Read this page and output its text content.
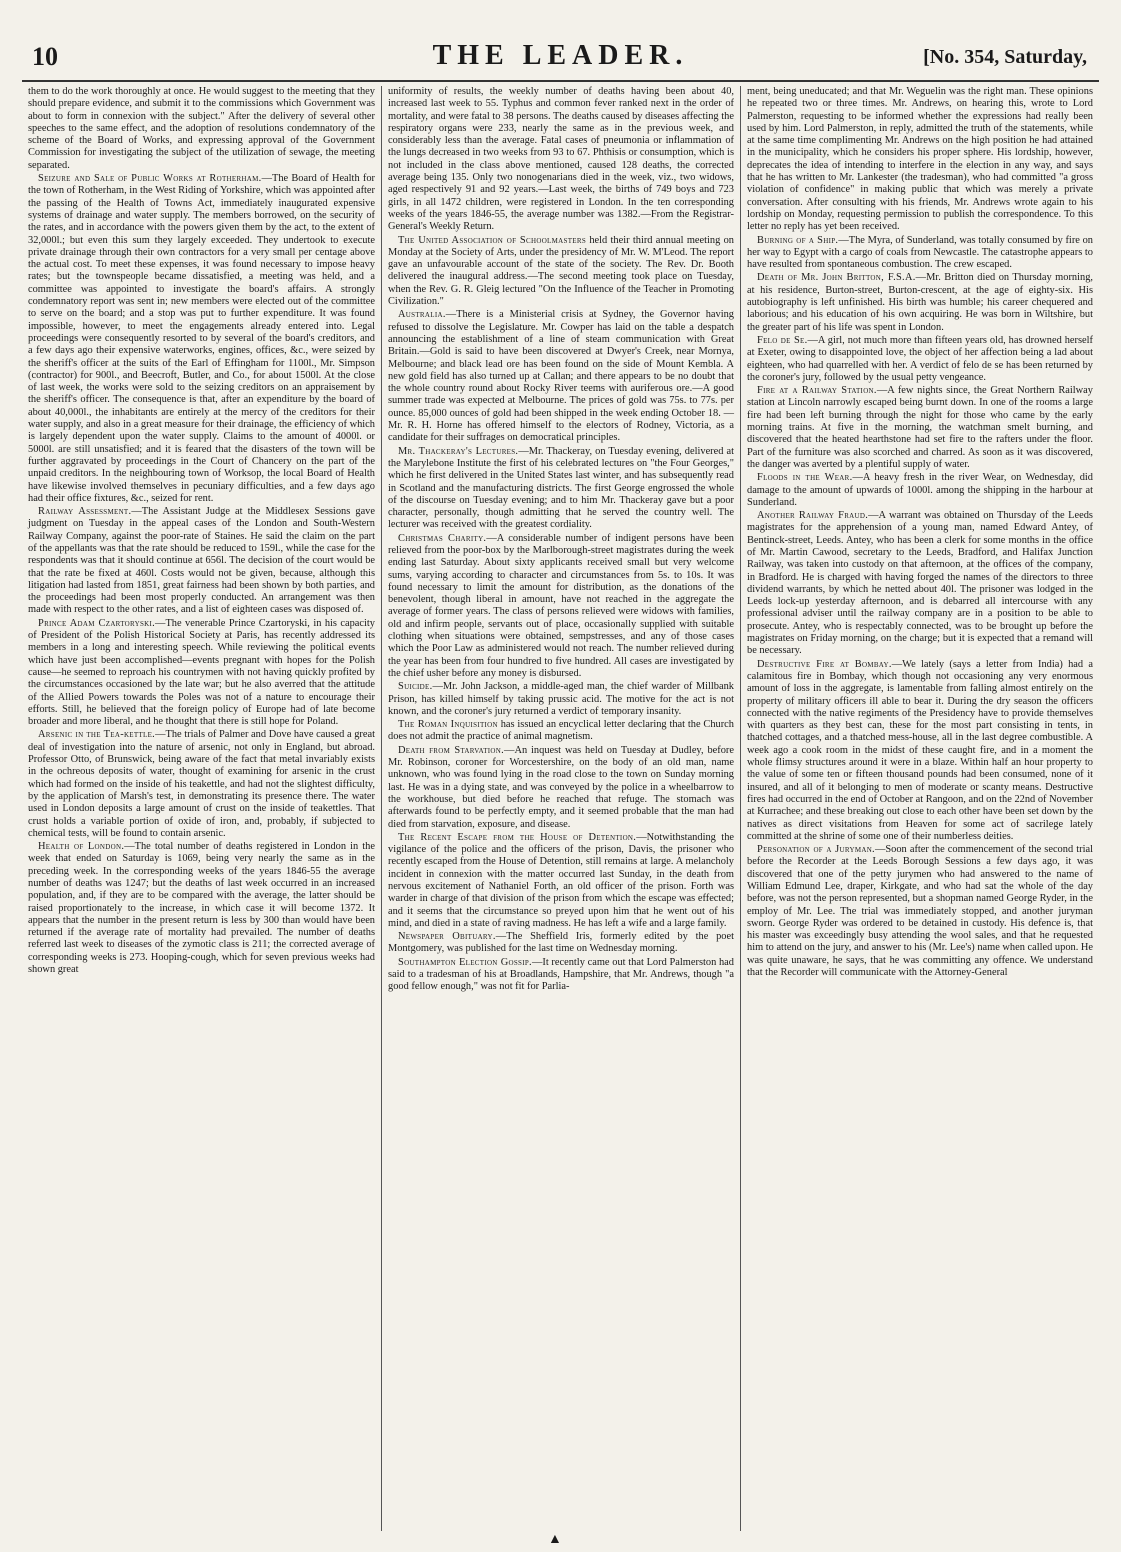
10	THE LEADER.	[No. 354, Saturday,

them to do the work thoroughly at once. He would suggest to the meeting that they should prepare evidence, and submit it to the commissions which Government was about to form in connexion with the subject." After the delivery of several other speeches to the same effect, and the adoption of resolutions condemnatory of the scheme of the Board of Works, and expressing approval of the Government Commission for investigating the subject of the utilization of sewage, the meeting separated.

Seizure and Sale of Public Works at Rotherham.—The Board of Health for the town of Rotherham, in the West Riding of Yorkshire, which was appointed after the passing of the Health of Towns Act, immediately inaugurated expensive systems of drainage and water supply. The members borrowed, on the security of the rates, and in accordance with the powers given them by the act, to the extent of 32,000l.; but even this sum they largely exceeded. They undertook to execute private drainage through their own contractors for a very small per centage above the actual cost. To meet these expenses, it was found necessary to impose heavy rates; but the townspeople became dissatisfied, a meeting was held, and a committee was appointed to investigate the board's affairs. A strongly condemnatory report was sent in; new members were elected out of the committee to serve on the board; and a stop was put to further expenditure. It was found impossible, however, to meet the engagements already entered into. Legal proceedings were consequently resorted to by several of the board's creditors, and a few days ago their expensive waterworks, engines, offices, &c., were seized by the sheriff's officer at the suits of the Earl of Effingham for 1100l., Mr. Simpson (contractor) for 900l., and Beecroft, Butler, and Co., for about 1500l. At the close of last week, the works were sold to the seizing creditors on an appraisement by the sheriff's officer. The consequence is that, after an expenditure by the board of about 40,000l., the inhabitants are entirely at the mercy of the creditors for their water supply, and also in a great measure for their drainage, the efficiency of which is largely dependent upon the water supply. Claims to the amount of 4000l. or 5000l. are still unsatisfied; and it is feared that the disasters of the town will be further aggravated by proceedings in the Court of Chancery on the part of the unpaid creditors. In the neighbouring town of Worksop, the local Board of Health have likewise involved themselves in pecuniary difficulties, and a few days ago had their office fixtures, &c., seized for rent.

Railway Assessment.—The Assistant Judge at the Middlesex Sessions gave judgment on Tuesday in the appeal cases of the London and South-Western Railway Company, against the poor-rate of Staines. He said the claim on the part of the appellants was that the rate should be reduced to 159l., while the case for the respondents was that it should continue at 656l. The decision of the court would be that the rate be fixed at 460l. Costs would not be given, because, although this litigation had lasted from 1851, great fairness had been shown by both parties, and the proceedings had been most properly conducted. An arrangement was then made with respect to the other rates, and a list of eighteen cases was disposed of.

Prince Adam Czartoryski.—The venerable Prince Czartoryski, in his capacity of President of the Polish Historical Society at Paris, has recently addressed its members in a long and interesting speech. While reviewing the political events which have just been accomplished—events pregnant with hopes for the Polish cause—he seemed to reproach his countrymen with not having quickly profited by the circumstances occasioned by the late war; but he also averred that the attitude of the Allied Powers towards the Poles was not of a nature to encourage their efforts. Still, he believed that the foreign policy of Europe had of late become broader and more liberal, and he thought that there is still hope for Poland.

Arsenic in the Tea-kettle.—The trials of Palmer and Dove have caused a great deal of investigation into the nature of arsenic, not only in England, but abroad. Professor Otto, of Brunswick, being aware of the fact that metal invariably exists in the ochreous deposits of water, thought of examining for arsenic in the crust which had formed on the inside of his teakettle, and had not the slightest difficulty, by the application of Marsh's test, in demonstrating its presence there. The water used in London deposits a large amount of crust on the inside of teakettles. That crust holds a variable portion of oxide of iron, and, probably, if subjected to chemical tests, will be found to contain arsenic.

Health of London.—The total number of deaths registered in London in the week that ended on Saturday is 1069, being very nearly the same as in the preceding week. In the corresponding weeks of the years 1846-55 the average number of deaths was 1247; but the deaths of last week occurred in an increased population, and, if they are to be compared with the average, the latter should be raised proportionately to the increase, in which case it will become 1372. It appears that the number in the present return is less by 300 than would have been returned if the average rate of mortality had prevailed. The number of deaths referred last week to diseases of the zymotic class is 211; the corrected average of corresponding weeks is 273. Hooping-cough, which for seven previous weeks had shown great

uniformity of results, the weekly number of deaths having been about 40, increased last week to 55. Typhus and common fever ranked next in the order of mortality, and were fatal to 38 persons. The deaths caused by diseases affecting the respiratory organs were 233, nearly the same as in the previous week, and considerably less than the average. Fatal cases of pneumonia or inflammation of the lungs decreased in two weeks from 93 to 67. Phthisis or consumption, which is not included in the class above mentioned, caused 128 deaths, the corrected average being 135. Only two nonogenarians died in the week, viz., two widows, aged respectively 91 and 92 years.—Last week, the births of 749 boys and 723 girls, in all 1472 children, were registered in London. In the ten corresponding weeks of the years 1846-55, the average number was 1382.—From the Registrar-General's Weekly Return.

The United Association of Schoolmasters held their third annual meeting on Monday at the Society of Arts, under the presidency of Mr. W. M'Leod. The report gave an unfavourable account of the state of the society. The Rev. Dr. Booth delivered the inaugural address.—The second meeting took place on Tuesday, when the Rev. G. R. Gleig lectured "On the Influence of the Teacher in Promoting Civilization."

Australia.—There is a Ministerial crisis at Sydney, the Governor having refused to dissolve the Legislature. Mr. Cowper has laid on the table a despatch announcing the establishment of a line of steam communication with Great Britain.—Gold is said to have been discovered at Dwyer's Creek, near Mornya, Melbourne; and black lead ore has been found on the side of Mount Kembla. A new gold field has also turned up at Callan; and there appears to be no doubt that the whole country round about Rocky River teems with auriferous ore.—A good summer trade was expected at Melbourne. The prices of gold was 75s. to 77s. per ounce. 85,000 ounces of gold had been shipped in the week ending October 18. —Mr. R. H. Horne has offered himself to the electors of Rodney, Victoria, as a candidate for their suffrages on democratical principles.

Mr. Thackeray's Lectures.—Mr. Thackeray, on Tuesday evening, delivered at the Marylebone Institute the first of his celebrated lectures on "the Four Georges," which he first delivered in the United States last winter, and has subsequently read in Scotland and the manufacturing districts. The first George engrossed the whole of the discourse on Tuesday evening; and to him Mr. Thackeray gave but a poor character, personally, though admitting that he served the country well. The lecturer was received with the greatest cordiality.

Christmas Charity.—A considerable number of indigent persons have been relieved from the poor-box by the Marlborough-street magistrates during the week ending last Saturday. About sixty applicants received small but very welcome sums, varying according to character and circumstances from 5s. to 10s. It was found necessary to limit the amount for distribution, as the donations of the benevolent, though liberal in amount, have not reached in the aggregate the average of former years. The class of persons relieved were widows with families, old and infirm people, servants out of place, occasionally supplied with suitable clothing when situations were obtained, sempstresses, and any of those cases which the Poor Law as administered would not reach. The number relieved during the year has been from four hundred to five hundred. All cases are investigated by the chief usher before any money is disbursed.

Suicide.—Mr. John Jackson, a middle-aged man, the chief warder of Millbank Prison, has killed himself by taking prussic acid. The motive for the act is not known, and the coroner's jury returned a verdict of temporary insanity.

The Roman Inquisition has issued an encyclical letter declaring that the Church does not admit the practice of animal magnetism.

Death from Starvation.—An inquest was held on Tuesday at Dudley, before Mr. Robinson, coroner for Worcestershire, on the body of an old man, name unknown, who was found lying in the road close to the town on Sunday morning last. He was in a dying state, and was conveyed by the police in a wheelbarrow to the workhouse, but died before he reached that refuge. The stomach was afterwards found to be perfectly empty, and it seemed probable that the man had died from starvation, exposure, and disease.

The Recent Escape from the House of Detention.—Notwithstanding the vigilance of the police and the officers of the prison, Davis, the prisoner who recently escaped from the House of Detention, still remains at large. A melancholy incident in connexion with the matter occurred last Sunday, in the death from nervous excitement of Nathaniel Forth, an old officer of the prison. Forth was warder in charge of that division of the prison from which the escape was effected; and it seems that the circumstance so preyed upon him that he went out of his mind, and died in a state of raving madness. He has left a wife and a large family.

Newspaper Obituary.—The Sheffield Iris, formerly edited by the poet Montgomery, was published for the last time on Wednesday morning.

Southampton Election Gossip.—It recently came out that Lord Palmerston had said to a tradesman of his at Broadlands, Hampshire, that Mr. Andrews, though "a good fellow enough," was not fit for Parlia-

ment, being uneducated; and that Mr. Weguelin was the right man. These opinions he repeated two or three times. Mr. Andrews, on hearing this, wrote to Lord Palmerston, requesting to be informed whether the expressions had really been used by him. Lord Palmerston, in reply, admitted the truth of the statements, while at the same time complimenting Mr. Andrews on the high position he had attained in the municipality, which he considers his proper sphere. His lordship, however, deprecates the idea of intending to interfere in the election in any way, and says that he has written to Mr. Lankester (the tradesman), who had committed "a gross violation of confidence" in making public that which was merely a private conversation. After consulting with his friends, Mr. Andrews wrote again to his lordship on Monday, requesting permission to publish the correspondence. To this letter no reply has yet been received.

Burning of a Ship.—The Myra, of Sunderland, was totally consumed by fire on her way to Egypt with a cargo of coals from Newcastle. The catastrophe appears to have resulted from spontaneous combustion. The crew escaped.

Death of Mr. John Britton, F.S.A.—Mr. Britton died on Thursday morning, at his residence, Burton-street, Burton-crescent, at the age of eighty-six. His autobiography is left unfinished. His birth was humble; his career chequered and laborious; and his education of his own acquiring. He was born in Wiltshire, but the greater part of his life was spent in London.

Felo de Se.—A girl, not much more than fifteen years old, has drowned herself at Exeter, owing to disappointed love, the object of her affection being a lad about eighteen, who had quarrelled with her. A verdict of felo de se has been returned by the coroner's jury, followed by the usual petty vengeance.

Fire at a Railway Station.—A few nights since, the Great Northern Railway station at Lincoln narrowly escaped being burnt down. In one of the rooms a large fire had been left burning through the night for those who came by the early morning trains. At five in the morning, the watchman smelt burning, and discovered that the heated hearthstone had set fire to the rafters under the floor. Part of the furniture was also scorched and charred. As soon as it was discovered, the danger was averted by a plentiful supply of water.

Floods in the Wear.—A heavy fresh in the river Wear, on Wednesday, did damage to the amount of upwards of 1000l. among the shipping in the harbour at Sunderland.

Another Railway Fraud.—A warrant was obtained on Thursday of the Leeds magistrates for the apprehension of a young man, named Edward Antey, of Bentinck-street, Leeds. Antey, who has been a clerk for some months in the office of Mr. Martin Cawood, secretary to the Leeds, Bradford, and Halifax Junction Railway, was taken into custody on that afternoon, at the offices of the company, in Bradford. He is charged with having forged the names of the directors to three dividend warrants, by which he netted about 40l. The prisoner was lodged in the Leeds lock-up yesterday afternoon, and is debarred all intercourse with any professional adviser until the railway company are in a position to be able to prosecute. Antey, who is respectably connected, was to be brought up before the magistrates on Friday morning, on the charge; but it is expected that a remand will be necessary.

Destructive Fire at Bombay.—We lately (says a letter from India) had a calamitous fire in Bombay, which though not occasioning any very enormous amount of loss in the aggregate, is lamentable from falling almost entirely on the property of military officers ill able to bear it. During the dry season the officers connected with the native regiments of the Presidency have to provide themselves with quarters as they best can, these for the most part consisting in tents, in thatched cottages, and a thatched mess-house, all in the last degree combustible. A week ago a cook room in the midst of these caught fire, and in a moment the whole flimsy structures around it were in a blaze. Within half an hour property to the value of some ten or fifteen thousand pounds had been consumed, none of it insured, and all of it belonging to men of moderate or scanty means. Destructive fires had occurred in the end of October at Rangoon, and on the 22nd of November at Kurrachee; and these breaking out close to each other have been set down by the natives as direct visitations from Heaven for some act of sacrilege lately committed at the shrine of some one of their numberless deities.

Personation of a Juryman.—Soon after the commencement of the second trial before the Recorder at the Leeds Borough Sessions a few days ago, it was discovered that one of the petty jurymen who had answered to the name of William Edmund Lee, draper, Kirkgate, and who had sat the whole of the day before, was not the person represented, but a shopman named George Ryder, in the employ of Mr. Lee. The trial was immediately stopped, and another juryman sworn. George Ryder was ordered to be detained in custody. His defence is, that his master was exceedingly busy attending the wool sales, and that he requested him to attend on the jury, and answer to his (Mr. Lee's) name when called upon. He was quite unaware, he says, that he was committing any offence. We understand that the Recorder will communicate with the Attorney-General

▲
